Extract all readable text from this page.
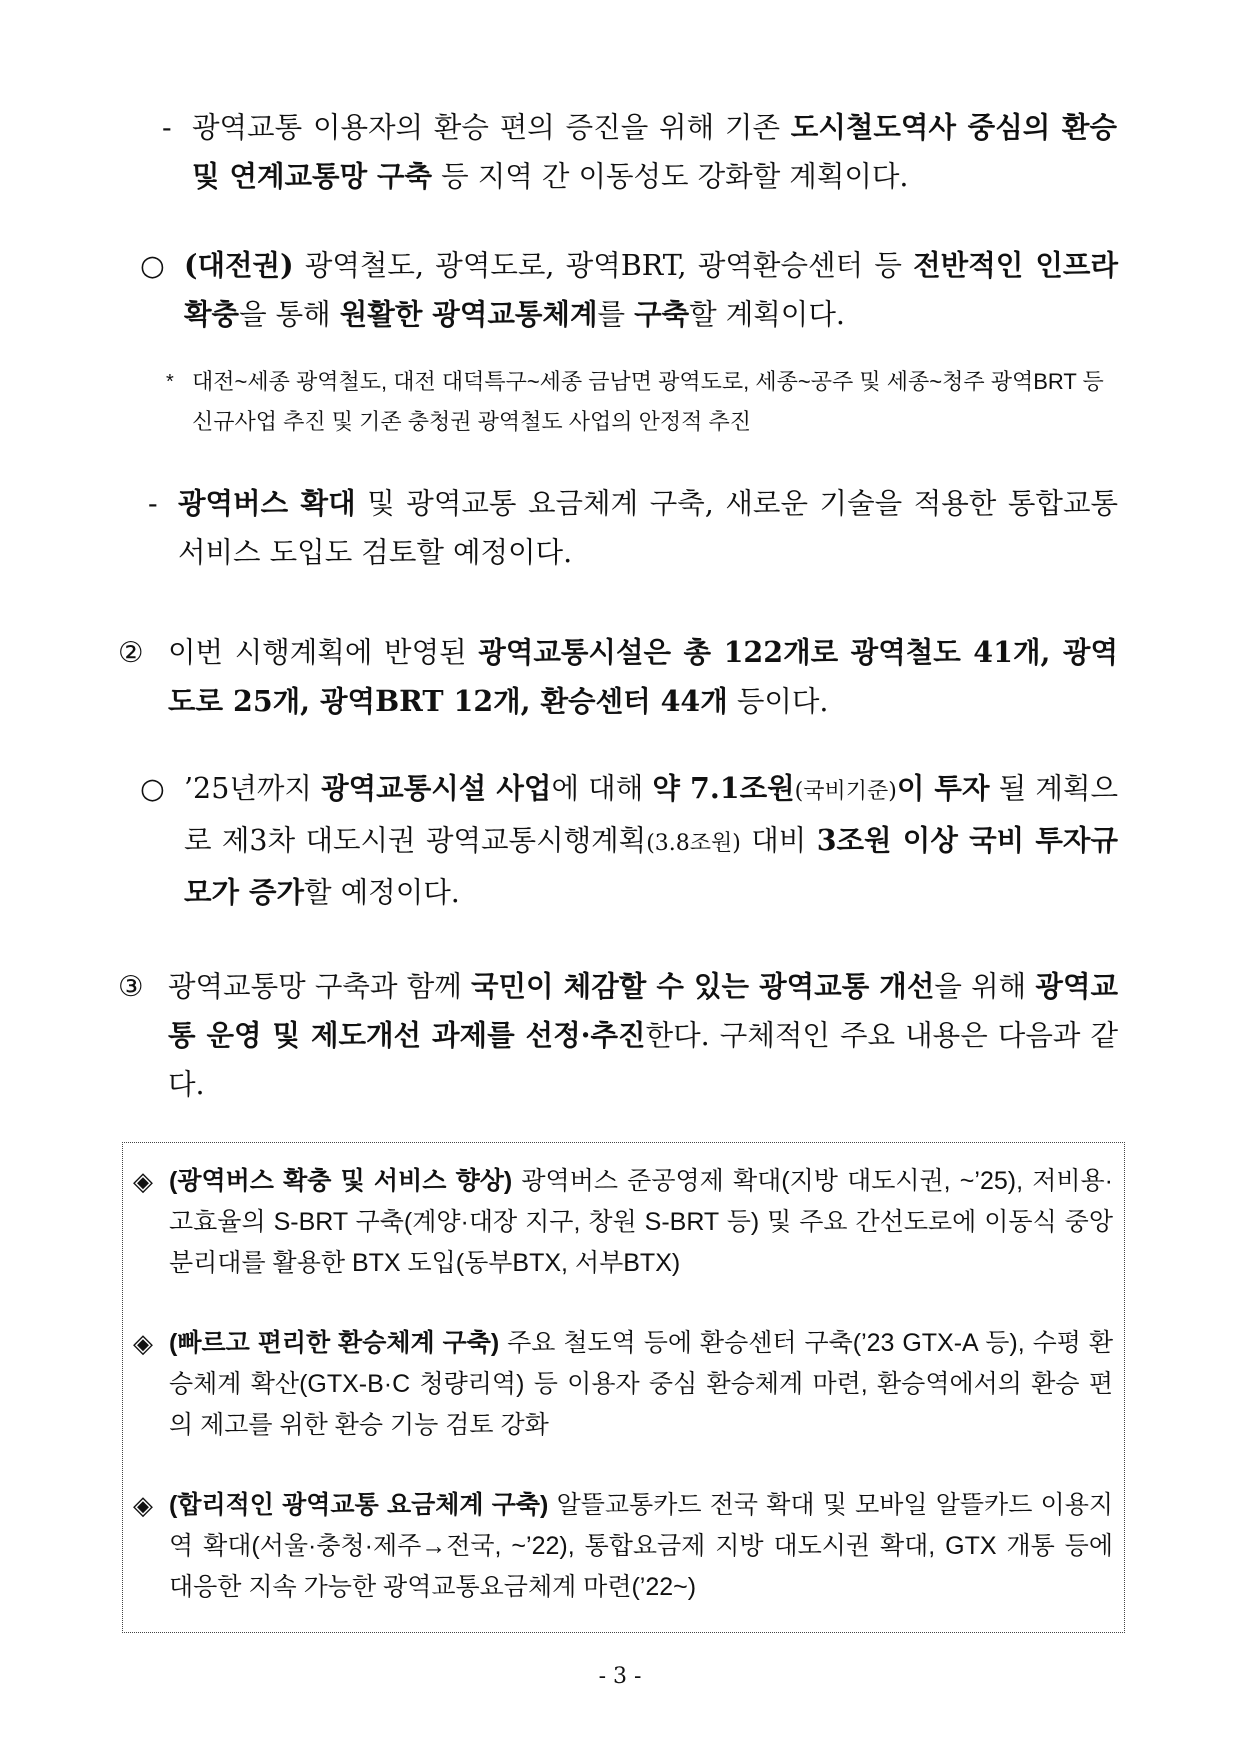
- 광역교통 이용자의 환승 편의 증진을 위해 기존 도시철도역사 중심의 환승 및 연계교통망 구축 등 지역 간 이동성도 강화할 계획이다.
○ (대전권) 광역철도, 광역도로, 광역BRT, 광역환승센터 등 전반적인 인프라 확충을 통해 원활한 광역교통체계를 구축할 계획이다.
* 대전~세종 광역철도, 대전 대덕특구~세종 금남면 광역도로, 세종~공주 및 세종~청주 광역BRT 등 신규사업 추진 및 기존 충청권 광역철도 사업의 안정적 추진
- 광역버스 확대 및 광역교통 요금체계 구축, 새로운 기술을 적용한 통합교통서비스 도입도 검토할 예정이다.
② 이번 시행계획에 반영된 광역교통시설은 총 122개로 광역철도 41개, 광역도로 25개, 광역BRT 12개, 환승센터 44개 등이다.
○ ’25년까지 광역교통시설 사업에 대해 약 7.1조원(국비기준)이 투자 될 계획으로 제3차 대도시권 광역교통시행계획(3.8조원) 대비 3조원 이상 국비 투자규모가 증가할 예정이다.
③ 광역교통망 구축과 함께 국민이 체감할 수 있는 광역교통 개선을 위해 광역교통 운영 및 제도개선 과제를 선정·추진한다. 구체적인 주요 내용은 다음과 같다.
◈ (광역버스 확충 및 서비스 향상) 광역버스 준공영제 확대(지방 대도시권, ~’25), 저비용·고효율의 S-BRT 구축(계양·대장 지구, 창원 S-BRT 등) 및 주요 간선도로에 이동식 중앙 분리대를 활용한 BTX 도입(동부BTX, 서부BTX)
◈ (빠르고 편리한 환승체계 구축) 주요 철도역 등에 환승센터 구축(’23 GTX-A 등), 수평 환승체계 확산(GTX-B·C 청량리역) 등 이용자 중심 환승체계 마련, 환승역에서의 환승 편의 제고를 위한 환승 기능 검토 강화
◈ (합리적인 광역교통 요금체계 구축) 알뜰교통카드 전국 확대 및 모바일 알뜰카드 이용지역 확대(서울·충청·제주→전국, ~’22), 통합요금제 지방 대도시권 확대, GTX 개통 등에 대응한 지속 가능한 광역교통요금체계 마련(’22~)
- 3 -
